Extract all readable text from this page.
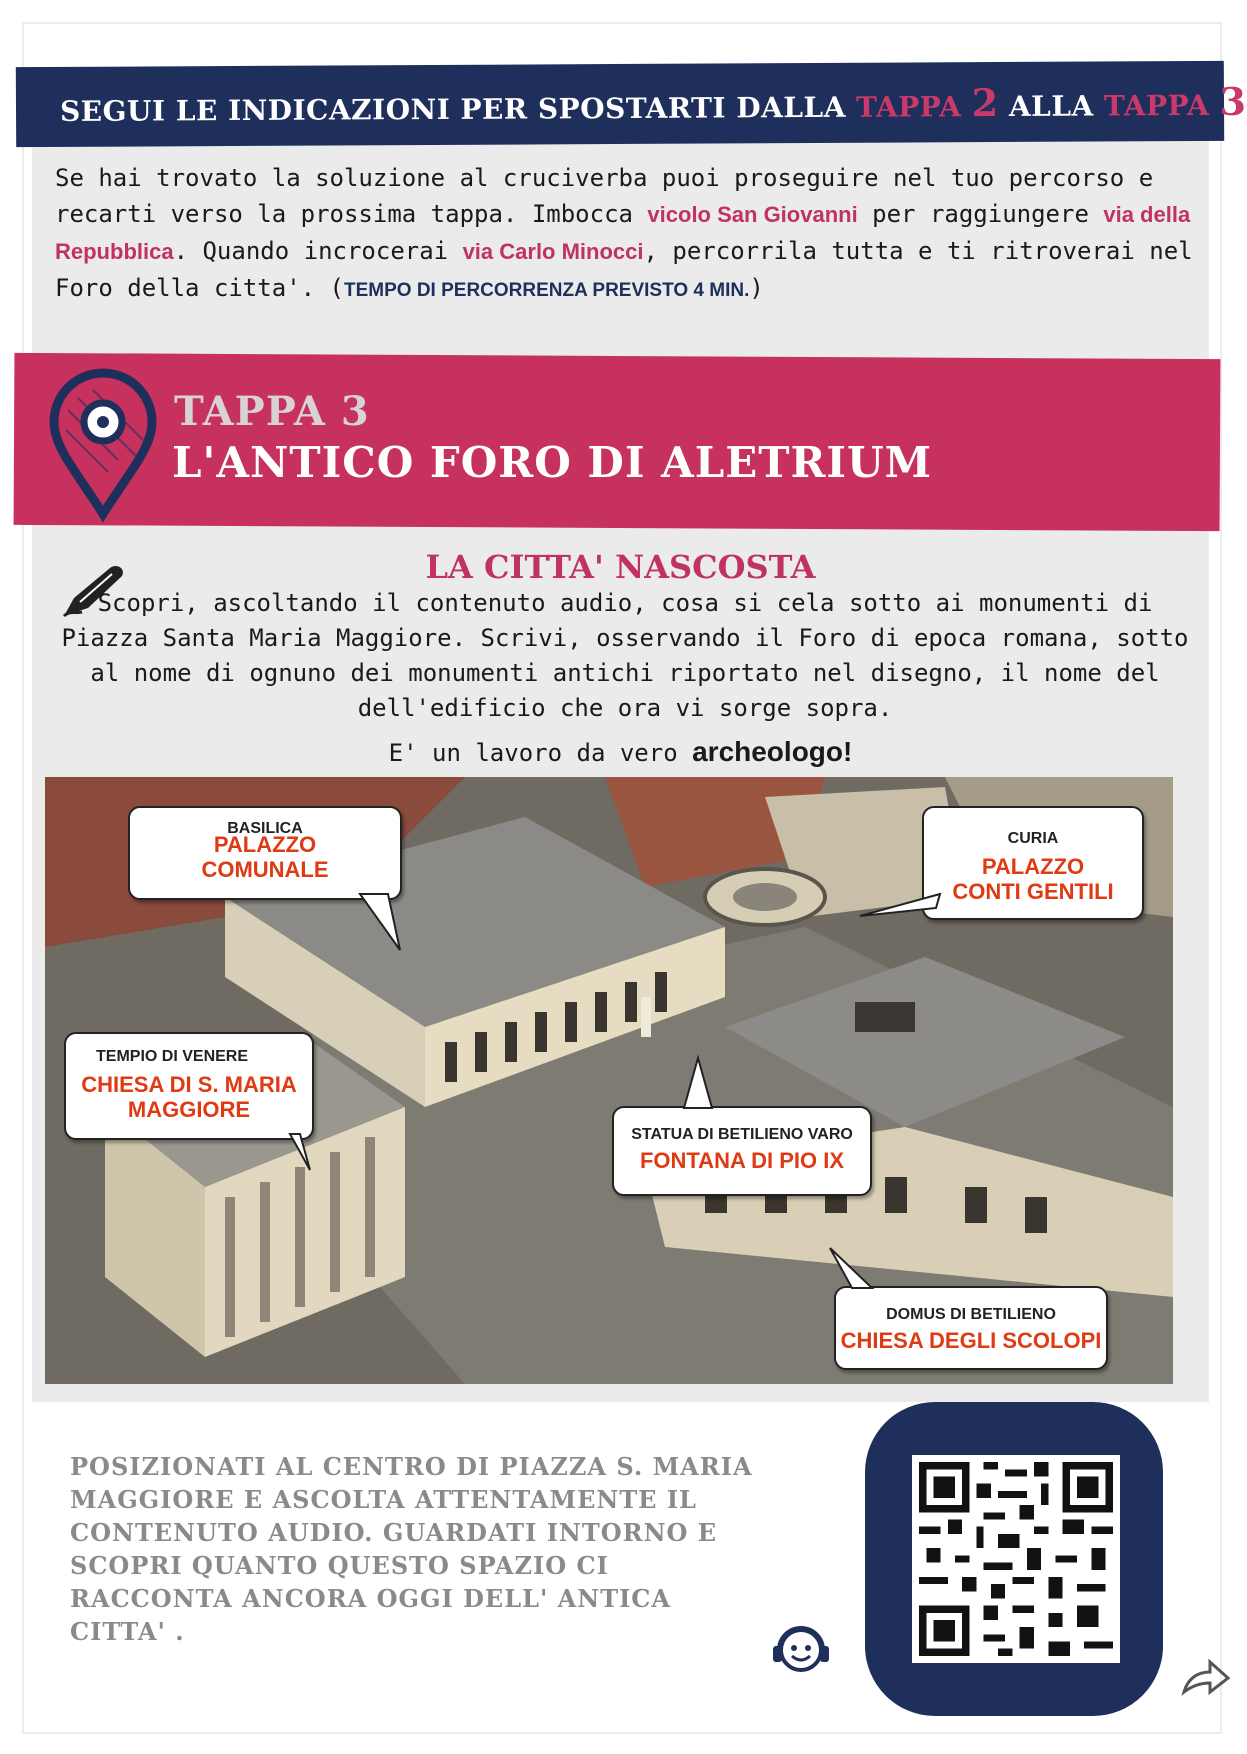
SEGUI LE INDICAZIONI PER SPOSTARTI DALLA TAPPA 2 ALLA TAPPA 3
Se hai trovato la soluzione al cruciverba puoi proseguire nel tuo percorso e recarti verso la prossima tappa. Imbocca vicolo San Giovanni per raggiungere via della Repubblica. Quando incrocerai via Carlo Minocci, percorrila tutta e ti ritroverai nel Foro della citta'. (TEMPO DI PERCORRENZA PREVISTO 4 MIN.)
TAPPA 3
L'ANTICO FORO DI ALETRIUM
LA CITTA' NASCOSTA
Scopri, ascoltando il contenuto audio, cosa si cela sotto ai monumenti di Piazza Santa Maria Maggiore. Scrivi, osservando il Foro di epoca romana, sotto al nome di ognuno dei monumenti antichi riportato nel disegno, il nome del dell'edificio che ora vi sorge sopra.
E' un lavoro da vero archeologo!
BASILICA
PALAZZO
COMUNALE
CURIA
PALAZZO
CONTI GENTILI
TEMPIO DI VENERE
CHIESA DI S. MARIA
MAGGIORE
STATUA DI BETILIENO VARO
FONTANA DI PIO IX
DOMUS DI BETILIENO
CHIESA DEGLI SCOLOPI
POSIZIONATI AL CENTRO DI PIAZZA S. MARIA MAGGIORE E ASCOLTA ATTENTAMENTE IL CONTENUTO AUDIO. GUARDATI INTORNO E SCOPRI QUANTO QUESTO SPAZIO CI RACCONTA ANCORA OGGI DELL' ANTICA CITTA' .
